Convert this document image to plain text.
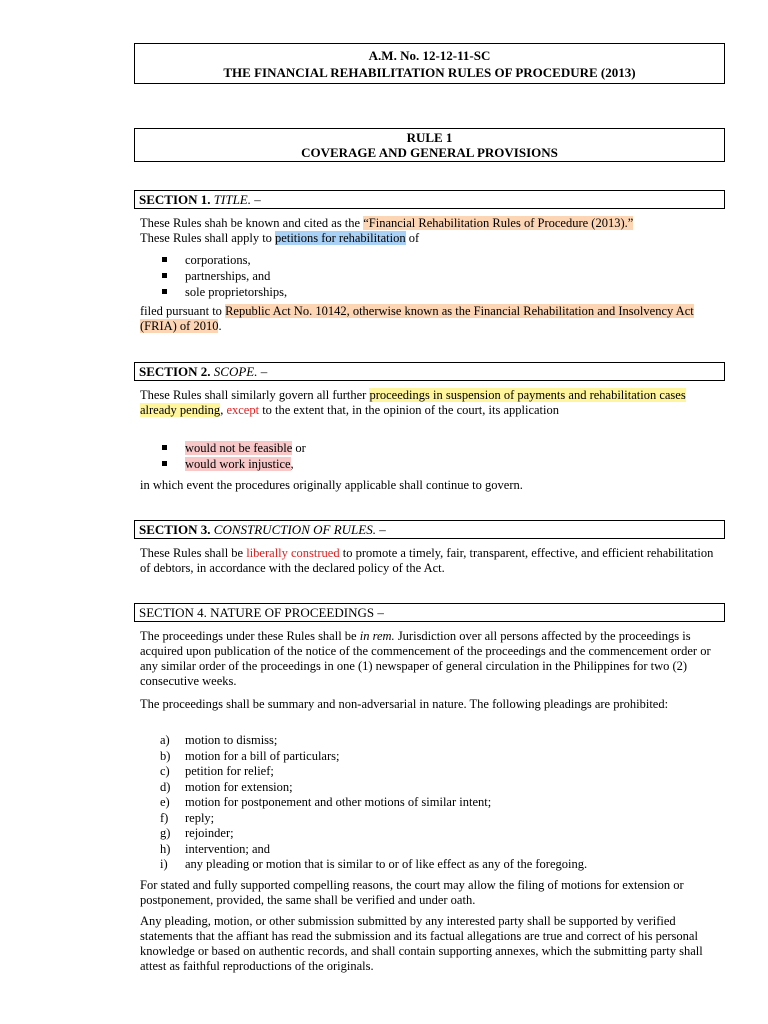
A.M. No. 12-12-11-SC
THE FINANCIAL REHABILITATION RULES OF PROCEDURE (2013)
RULE 1
COVERAGE AND GENERAL PROVISIONS
SECTION 1. TITLE. –

These Rules shah be known and cited as the “Financial Rehabilitation Rules of Procedure (2013).”
These Rules shall apply to petitions for rehabilitation of

corporations,
partnerships, and
sole proprietorships,

filed pursuant to Republic Act No. 10142, otherwise known as the Financial Rehabilitation and Insolvency Act (FRIA) of 2010.

SECTION 2. SCOPE. –

These Rules shall similarly govern all further proceedings in suspension of payments and rehabilitation cases already pending, except to the extent that, in the opinion of the court, its application

would not be feasible or
would work injustice,

in which event the procedures originally applicable shall continue to govern.

SECTION 3. CONSTRUCTION OF RULES. –

These Rules shall be liberally construed to promote a timely, fair, transparent, effective, and efficient rehabilitation of debtors, in accordance with the declared policy of the Act.

SECTION 4. NATURE OF PROCEEDINGS –

The proceedings under these Rules shall be in rem. Jurisdiction over all persons affected by the proceedings is acquired upon publication of the notice of the commencement of the proceedings and the commencement order or any similar order of the proceedings in one (1) newspaper of general circulation in the Philippines for two (2) consecutive weeks.

The proceedings shall be summary and non-adversarial in nature. The following pleadings are prohibited:

a) motion to dismiss;
b) motion for a bill of particulars;
c) petition for relief;
d) motion for extension;
e) motion for postponement and other motions of similar intent;
f) reply;
g) rejoinder;
h) intervention; and
i) any pleading or motion that is similar to or of like effect as any of the foregoing.

For stated and fully supported compelling reasons, the court may allow the filing of motions for extension or postponement, provided, the same shall be verified and under oath.

Any pleading, motion, or other submission submitted by any interested party shall be supported by verified statements that the affiant has read the submission and its factual allegations are true and correct of his personal knowledge or based on authentic records, and shall contain supporting annexes, which the submitting party shall attest as faithful reproductions of the originals.
